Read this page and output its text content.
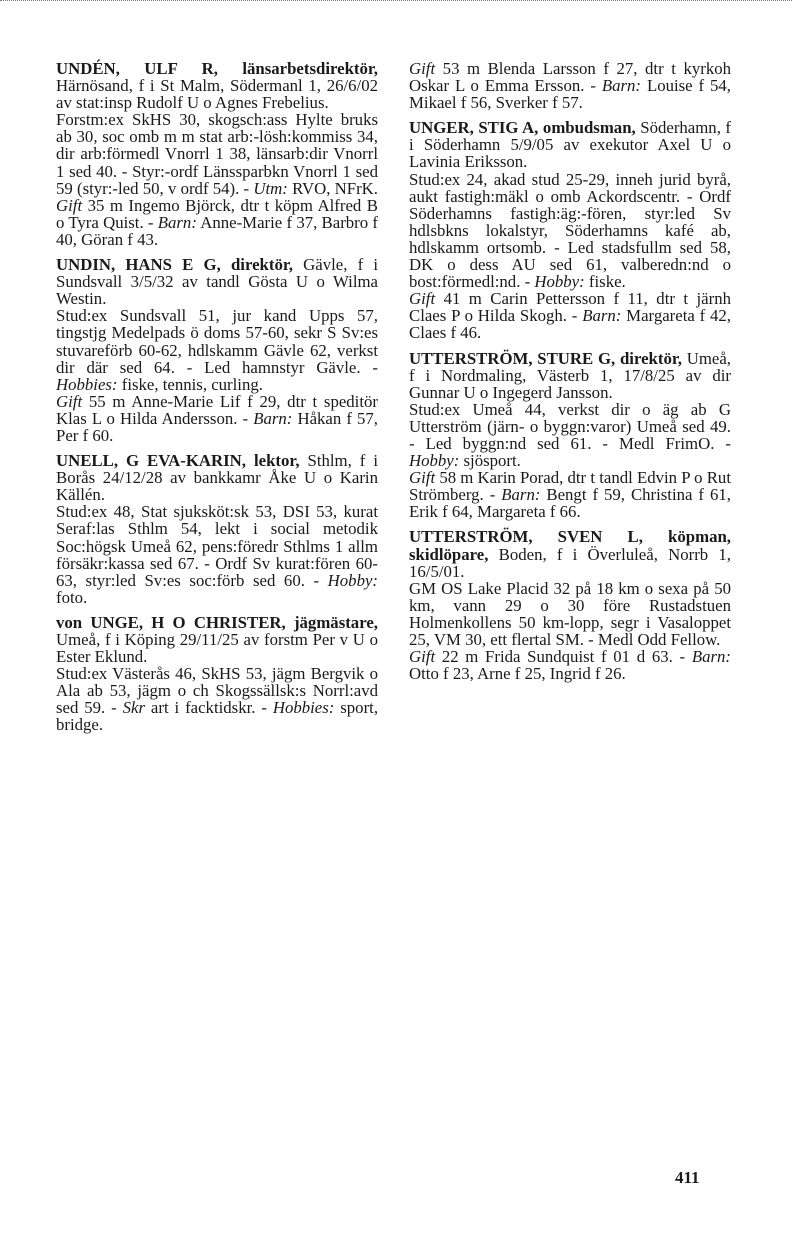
UNDÉN, ULF R, länsarbetsdirektör, Härnösand, f i St Malm, Södermanl 1, 26/6/02 av stat:insp Rudolf U o Agnes Frebelius.

Forstm:ex SkHS 30, skogsch:ass Hylte bruks ab 30, soc omb m m stat arb:-lösh:kommiss 34, dir arb:förmedl Vnorrl 1 38, länsarb:dir Vnorrl 1 sed 40. - Styr:-ordf Länssparbkn Vnorrl 1 sed 59 (styr:-led 50, v ordf 54). - Utm: RVO, NFrK. Gift 35 m Ingemo Björck, dtr t köpm Alfred B o Tyra Quist. - Barn: Anne-Marie f 37, Barbro f 40, Göran f 43.

UNDIN, HANS E G, direktör, Gävle, f i Sundsvall 3/5/32 av tandl Gösta U o Wilma Westin.

Stud:ex Sundsvall 51, jur kand Upps 57, tingstjg Medelpads ö doms 57-60, sekr S Sv:es stuvareförb 60-62, hdlskamm Gävle 62, verkst dir där sed 64. - Led hamnstyr Gävle. - Hobbies: fiske, tennis, curling.

Gift 55 m Anne-Marie Lif f 29, dtr t speditör Klas L o Hilda Andersson. - Barn: Håkan f 57, Per f 60.

UNELL, G EVA-KARIN, lektor, Sthlm, f i Borås 24/12/28 av bankkamr Åke U o Karin Källén.

Stud:ex 48, Stat sjuksköt:sk 53, DSI 53, kurat Seraf:las Sthlm 54, lekt i social metodik Soc:högsk Umeå 62, pens:föredr Sthlms 1 allm försäkr:kassa sed 67. - Ordf Sv kurat:fören 60-63, styr:led Sv:es soc:förb sed 60. - Hobby: foto.

von UNGE, H O CHRISTER, jägmästare, Umeå, f i Köping 29/11/25 av forstm Per v U o Ester Eklund.

Stud:ex Västerås 46, SkHS 53, jägm Bergvik o Ala ab 53, jägm o ch Skogssällsk:s Norrl:avd sed 59. - Skr art i facktidskr. - Hobbies: sport, bridge.

Gift 53 m Blenda Larsson f 27, dtr t kyrkoh Oskar L o Emma Ersson. - Barn: Louise f 54, Mikael f 56, Sverker f 57.

UNGER, STIG A, ombudsman, Söderhamn, f i Söderhamn 5/9/05 av exekutor Axel U o Lavinia Eriksson.

Stud:ex 24, akad stud 25-29, inneh jurid byrå, aukt fastigh:mäkl o omb Ackordscentr. - Ordf Söderhamns fastigh:äg:-fören, styr:led Sv hdlsbkns lokalstyr, Söderhamns kafé ab, hdlskamm ortsomb. - Led stadsfullm sed 58, DK o dess AU sed 61, valberedn:nd o bost:förmedl:nd. - Hobby: fiske.

Gift 41 m Carin Pettersson f 11, dtr t järnh Claes P o Hilda Skogh. - Barn: Margareta f 42, Claes f 46.

UTTERSTRÖM, STURE G, direktör, Umeå, f i Nordmaling, Västerb 1, 17/8/25 av dir Gunnar U o Ingegerd Jansson.

Stud:ex Umeå 44, verkst dir o äg ab G Utterström (järn- o byggn:varor) Umeå sed 49. - Led byggn:nd sed 61. - Medl FrimO. - Hobby: sjösport.

Gift 58 m Karin Porad, dtr t tandl Edvin P o Rut Strömberg. - Barn: Bengt f 59, Christina f 61, Erik f 64, Margareta f 66.

UTTERSTRÖM, SVEN L, köpman, skidlöpare, Boden, f i Överluleå, Norrb 1, 16/5/01.

GM OS Lake Placid 32 på 18 km o sexa på 50 km, vann 29 o 30 före Rustadstuen Holmenkollens 50 km-lopp, segr i Vasaloppet 25, VM 30, ett flertal SM. - Medl Odd Fellow.

Gift 22 m Frida Sundquist f 01 d 63. - Barn: Otto f 23, Arne f 25, Ingrid f 26.

411
